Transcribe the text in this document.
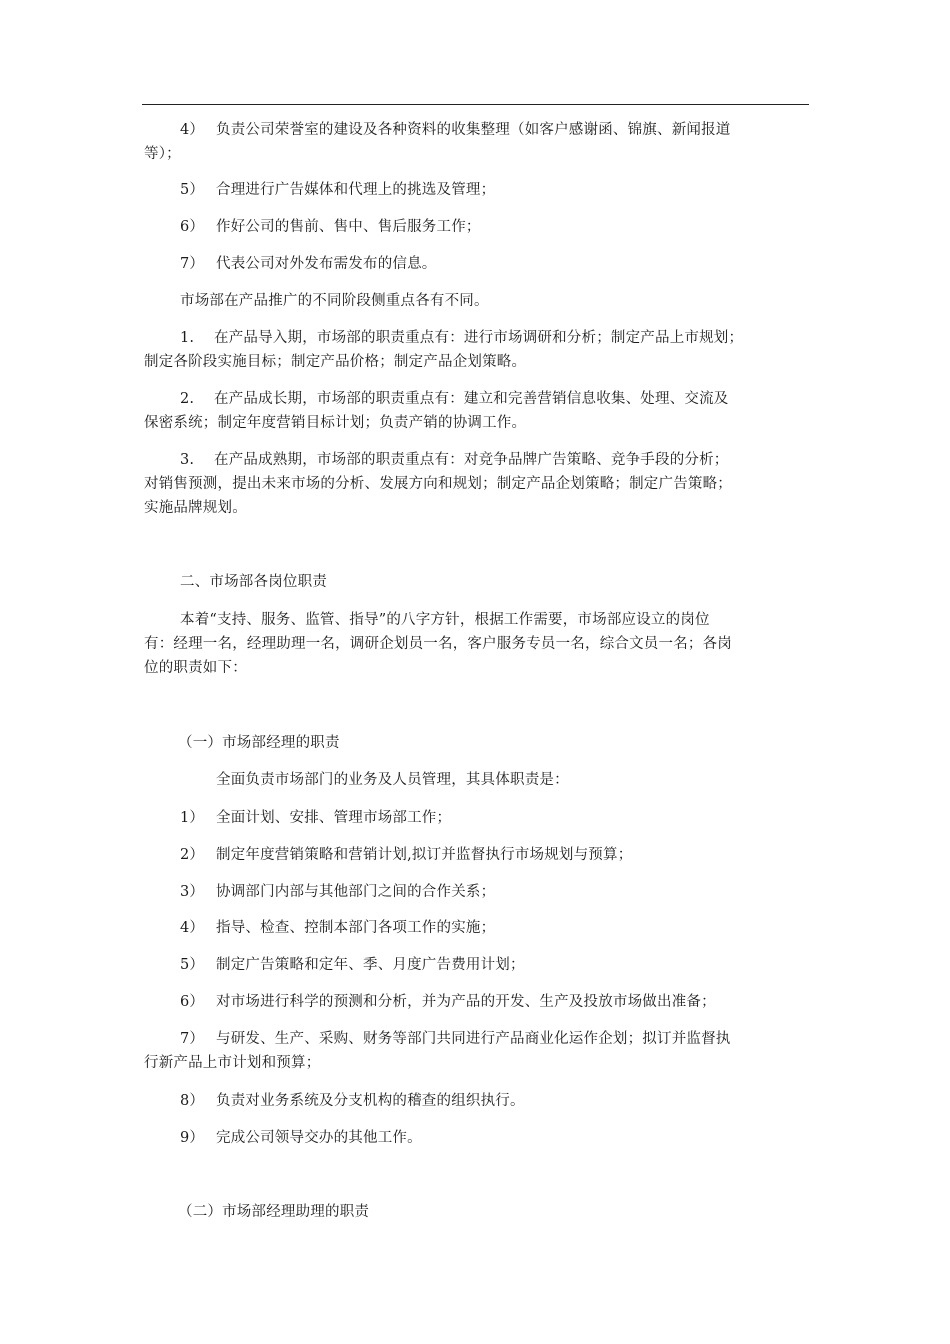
4） 负责公司荣誉室的建设及各种资料的收集整理（如客户感谢函、锦旗、新闻报道
等）；
5） 合理进行广告媒体和代理上的挑选及管理；
6） 作好公司的售前、售中、售后服务工作；
7） 代表公司对外发布需发布的信息。
市场部在产品推广的不同阶段侧重点各有不同。
1. 在产品导入期，市场部的职责重点有：进行市场调研和分析；制定产品上市规划；
制定各阶段实施目标；制定产品价格；制定产品企划策略。
2. 在产品成长期，市场部的职责重点有：建立和完善营销信息收集、处理、交流及
保密系统；制定年度营销目标计划；负责产销的协调工作。
3. 在产品成熟期，市场部的职责重点有：对竞争品牌广告策略、竞争手段的分析；
对销售预测，提出未来市场的分析、发展方向和规划；制定产品企划策略；制定广告策略；
实施品牌规划。
二、市场部各岗位职责
本着“支持、服务、监管、指导”的八字方针，根据工作需要，市场部应设立的岗位
有：经理一名，经理助理一名，调研企划员一名，客户服务专员一名，综合文员一名；各岗
位的职责如下：
（一）市场部经理的职责
全面负责市场部门的业务及人员管理，其具体职责是：
1） 全面计划、安排、管理市场部工作；
2） 制定年度营销策略和营销计划,拟订并监督执行市场规划与预算；
3） 协调部门内部与其他部门之间的合作关系；
4） 指导、检查、控制本部门各项工作的实施；
5） 制定广告策略和定年、季、月度广告费用计划；
6） 对市场进行科学的预测和分析，并为产品的开发、生产及投放市场做出准备；
7） 与研发、生产、采购、财务等部门共同进行产品商业化运作企划；拟订并监督执
行新产品上市计划和预算；
8） 负责对业务系统及分支机构的稽查的组织执行。
9） 完成公司领导交办的其他工作。
（二）市场部经理助理的职责
